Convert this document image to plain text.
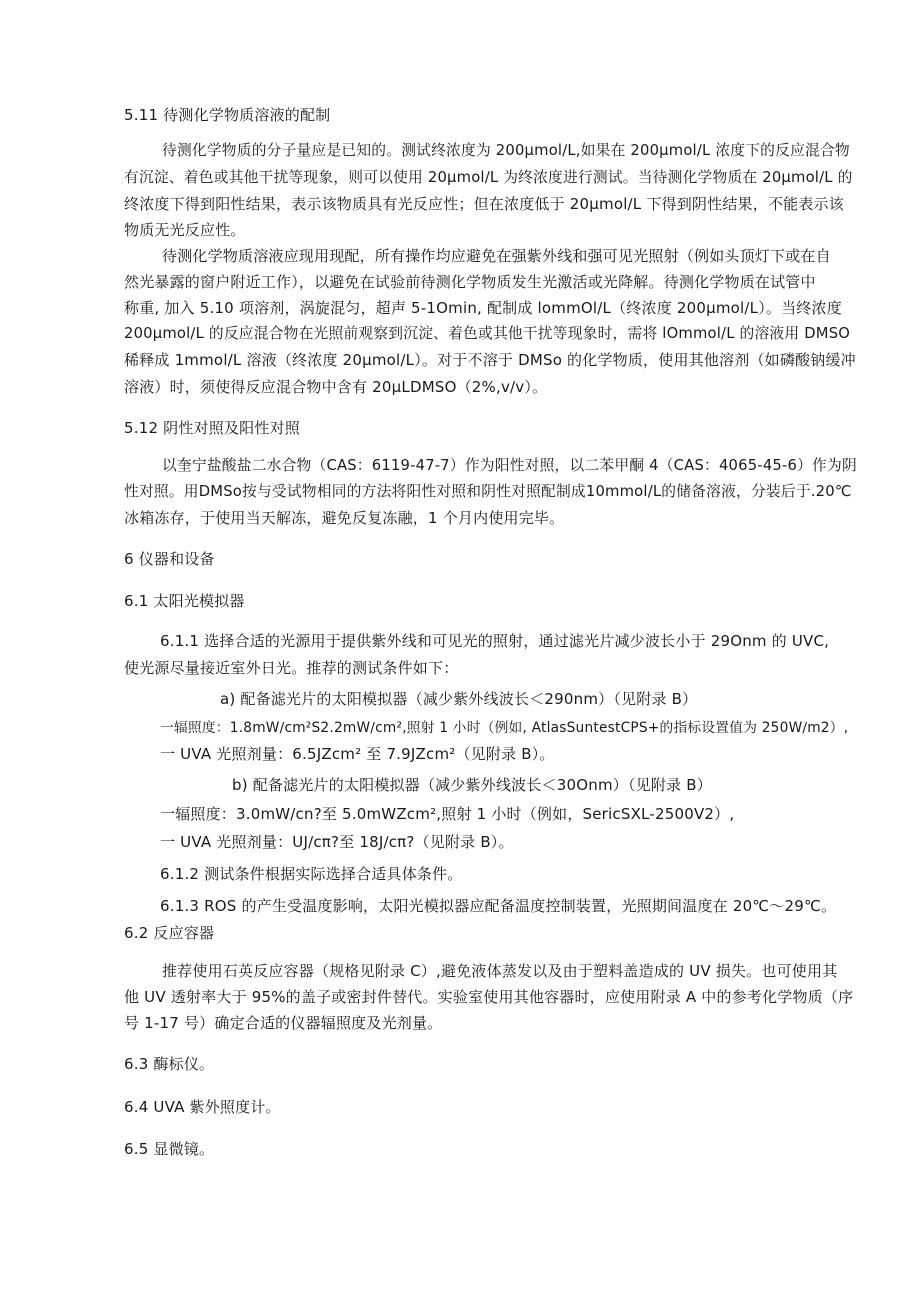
5.11 待测化学物质溶液的配制
待测化学物质的分子量应是已知的。测试终浓度为 200μmol∕L,如果在 200μmol∕L 浓度下的反应混合物
有沉淀、着色或其他干扰等现象，则可以使用 20μmol∕L 为终浓度进行测试。当待测化学物质在 20μmol∕L 的
终浓度下得到阳性结果，表示该物质具有光反应性；但在浓度低于 20μmol∕L 下得到阴性结果，不能表示该
物质无光反应性。
待测化学物质溶液应现用现配，所有操作均应避免在强紫外线和强可见光照射（例如头顶灯下或在自
然光暴露的窗户附近工作），以避免在试验前待测化学物质发生光激活或光降解。待测化学物质在试管中
称重, 加入 5.10 项溶剂，涡旋混匀，超声 5-1Omin, 配制成 lommOl/L（终浓度 200μmol∕L）。当终浓度
200μmol∕L 的反应混合物在光照前观察到沉淀、着色或其他干扰等现象时，需将 lOmmol/L 的溶液用 DMSO
稀释成 1mmol/L 溶液（终浓度 20μmol∕L）。对于不溶于 DMSo 的化学物质，使用其他溶剂（如磷酸钠缓冲
溶液）时，须使得反应混合物中含有 20μLDMSO（2%,v∕v）。
5.12 阴性对照及阳性对照
以奎宁盐酸盐二水合物（CAS：6119-47-7）作为阳性对照，以二苯甲酮 4（CAS：4065-45-6）作为阴
性对照。用DMSo按与受试物相同的方法将阳性对照和阴性对照配制成10mmol/L的储备溶液，分装后于.20℃
冰箱冻存，于使用当天解冻，避免反复冻融，1 个月内使用完毕。
6 仪器和设备
6.1 太阳光模拟器
6.1.1 选择合适的光源用于提供紫外线和可见光的照射，通过滤光片减少波长小于 29Onm 的 UVC,
使光源尽量接近室外日光。推荐的测试条件如下：
a) 配备滤光片的太阳模拟器（减少紫外线波长＜290nm）（见附录 B）
一辐照度：1.8mW∕cm²S2.2mW∕cm²,照射 1 小时（例如, AtlasSuntestCPS+的指标设置值为 250W∕m2）,
一 UVA 光照剂量：6.5JZcm² 至 7.9JZcm²（见附录 B）。
b) 配备滤光片的太阳模拟器（减少紫外线波长＜30Onm）（见附录 B）
一辐照度：3.0mW/cn?至 5.0mWZcm²,照射 1 小时（例如，SericSXL-2500V2）,
一 UVA 光照剂量：UJ∕cπ?至 18J∕cπ?（见附录 B）。
6.1.2 测试条件根据实际选择合适具体条件。
6.1.3 ROS 的产生受温度影响，太阳光模拟器应配备温度控制装置，光照期间温度在 20℃～29℃。
6.2 反应容器
推荐使用石英反应容器（规格见附录 C）,避免液体蒸发以及由于塑料盖造成的 UV 损失。也可使用其
他 UV 透射率大于 95%的盖子或密封件替代。实验室使用其他容器时，应使用附录 A 中的参考化学物质（序
号 1-17 号）确定合适的仪器辐照度及光剂量。
6.3 酶标仪。
6.4 UVA 紫外照度计。
6.5 显微镜。
